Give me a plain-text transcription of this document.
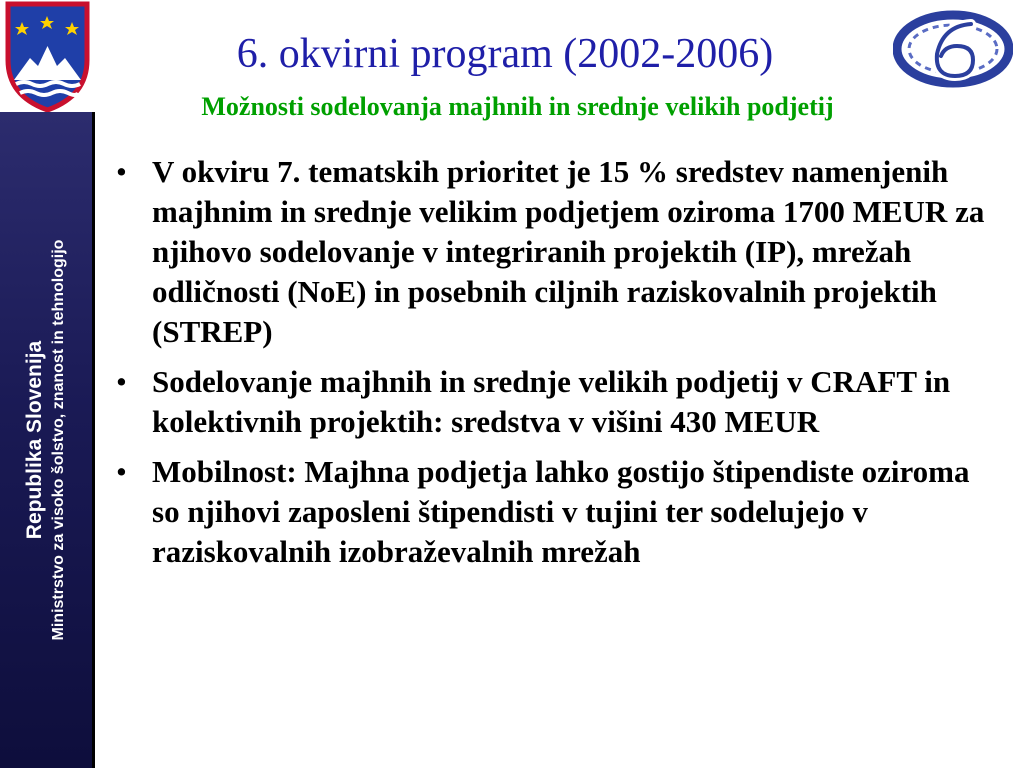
Republika Slovenija Ministrstvo za visoko šolstvo, znanost in tehnologijo
6. okvirni program (2002-2006)
Možnosti sodelovanja majhnih in srednje velikih podjetij
• V okviru 7. tematskih prioritet je 15 % sredstev namenjenih majhnim in srednje velikim podjetjem oziroma 1700 MEUR za njihovo sodelovanje v integriranih projektih (IP), mrežah odličnosti (NoE) in posebnih ciljnih raziskovalnih projektih (STREP)
• Sodelovanje majhnih in srednje velikih podjetij v CRAFT in kolektivnih projektih: sredstva v višini 430 MEUR
• Mobilnost: Majhna podjetja lahko gostijo štipendiste oziroma so njihovi zaposleni štipendisti v tujini ter sodelujejo v raziskovalnih izobraževalnih mrežah
